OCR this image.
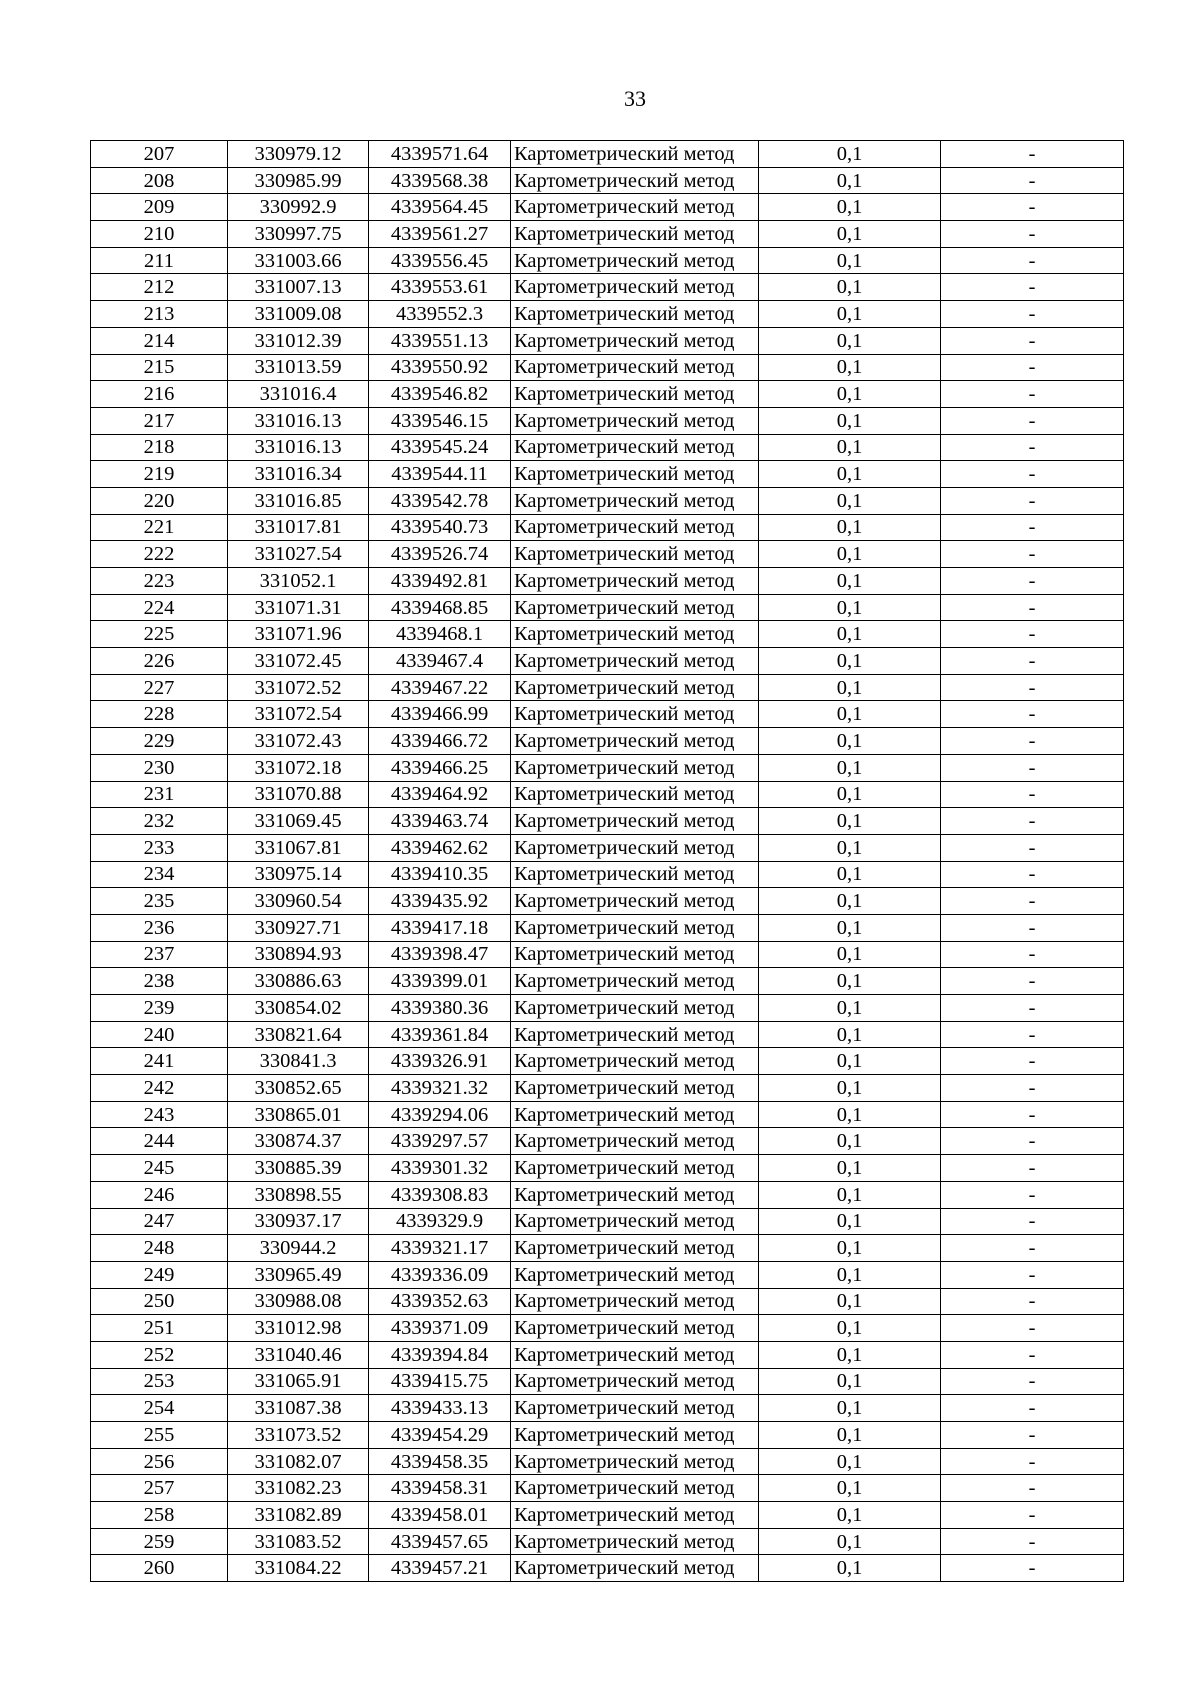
33
207	330979.12	4339571.64	Картометрический метод	0,1	-
208	330985.99	4339568.38	Картометрический метод	0,1	-
209	330992.9	4339564.45	Картометрический метод	0,1	-
210	330997.75	4339561.27	Картометрический метод	0,1	-
211	331003.66	4339556.45	Картометрический метод	0,1	-
212	331007.13	4339553.61	Картометрический метод	0,1	-
213	331009.08	4339552.3	Картометрический метод	0,1	-
214	331012.39	4339551.13	Картометрический метод	0,1	-
215	331013.59	4339550.92	Картометрический метод	0,1	-
216	331016.4	4339546.82	Картометрический метод	0,1	-
217	331016.13	4339546.15	Картометрический метод	0,1	-
218	331016.13	4339545.24	Картометрический метод	0,1	-
219	331016.34	4339544.11	Картометрический метод	0,1	-
220	331016.85	4339542.78	Картометрический метод	0,1	-
221	331017.81	4339540.73	Картометрический метод	0,1	-
222	331027.54	4339526.74	Картометрический метод	0,1	-
223	331052.1	4339492.81	Картометрический метод	0,1	-
224	331071.31	4339468.85	Картометрический метод	0,1	-
225	331071.96	4339468.1	Картометрический метод	0,1	-
226	331072.45	4339467.4	Картометрический метод	0,1	-
227	331072.52	4339467.22	Картометрический метод	0,1	-
228	331072.54	4339466.99	Картометрический метод	0,1	-
229	331072.43	4339466.72	Картометрический метод	0,1	-
230	331072.18	4339466.25	Картометрический метод	0,1	-
231	331070.88	4339464.92	Картометрический метод	0,1	-
232	331069.45	4339463.74	Картометрический метод	0,1	-
233	331067.81	4339462.62	Картометрический метод	0,1	-
234	330975.14	4339410.35	Картометрический метод	0,1	-
235	330960.54	4339435.92	Картометрический метод	0,1	-
236	330927.71	4339417.18	Картометрический метод	0,1	-
237	330894.93	4339398.47	Картометрический метод	0,1	-
238	330886.63	4339399.01	Картометрический метод	0,1	-
239	330854.02	4339380.36	Картометрический метод	0,1	-
240	330821.64	4339361.84	Картометрический метод	0,1	-
241	330841.3	4339326.91	Картометрический метод	0,1	-
242	330852.65	4339321.32	Картометрический метод	0,1	-
243	330865.01	4339294.06	Картометрический метод	0,1	-
244	330874.37	4339297.57	Картометрический метод	0,1	-
245	330885.39	4339301.32	Картометрический метод	0,1	-
246	330898.55	4339308.83	Картометрический метод	0,1	-
247	330937.17	4339329.9	Картометрический метод	0,1	-
248	330944.2	4339321.17	Картометрический метод	0,1	-
249	330965.49	4339336.09	Картометрический метод	0,1	-
250	330988.08	4339352.63	Картометрический метод	0,1	-
251	331012.98	4339371.09	Картометрический метод	0,1	-
252	331040.46	4339394.84	Картометрический метод	0,1	-
253	331065.91	4339415.75	Картометрический метод	0,1	-
254	331087.38	4339433.13	Картометрический метод	0,1	-
255	331073.52	4339454.29	Картометрический метод	0,1	-
256	331082.07	4339458.35	Картометрический метод	0,1	-
257	331082.23	4339458.31	Картометрический метод	0,1	-
258	331082.89	4339458.01	Картометрический метод	0,1	-
259	331083.52	4339457.65	Картометрический метод	0,1	-
260	331084.22	4339457.21	Картометрический метод	0,1	-
